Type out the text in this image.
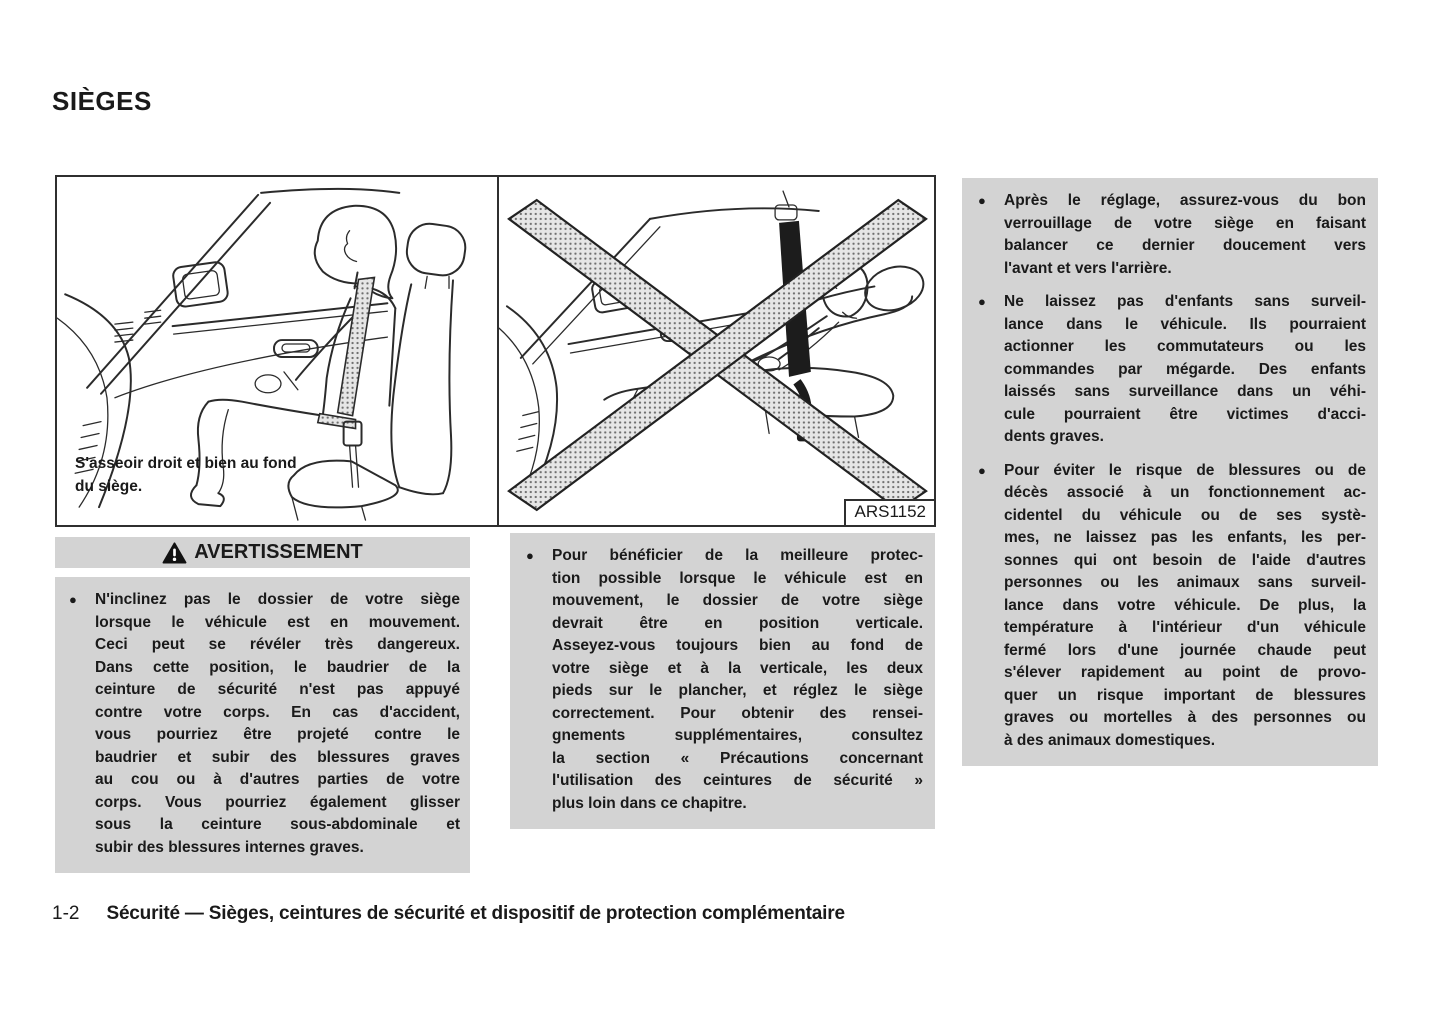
SIÈGES
S'asseoir droit et bien au fond
du siège.
ARS1152
AVERTISSEMENT
●	N'inclinez pas le dossier de votre siège
lorsque le véhicule est en mouvement.
Ceci peut se révéler très dangereux.
Dans cette position, le baudrier de la
ceinture de sécurité n'est pas appuyé
contre votre corps. En cas d'accident,
vous pourriez être projeté contre le
baudrier et subir des blessures graves
au cou ou à d'autres parties de votre
corps. Vous pourriez également glisser
sous la ceinture sous-abdominale et
subir des blessures internes graves.
●	Pour bénéficier de la meilleure protec-
tion possible lorsque le véhicule est en
mouvement, le dossier de votre siège
devrait être en position verticale.
Asseyez-vous toujours bien au fond de
votre siège et à la verticale, les deux
pieds sur le plancher, et réglez le siège
correctement. Pour obtenir des rensei-
gnements supplémentaires, consultez
la section « Précautions concernant
l'utilisation des ceintures de sécurité »
plus loin dans ce chapitre.
●	Après le réglage, assurez-vous du bon
verrouillage de votre siège en faisant
balancer ce dernier doucement vers
l'avant et vers l'arrière.
●	Ne laissez pas d'enfants sans surveil-
lance dans le véhicule. Ils pourraient
actionner les commutateurs ou les
commandes par mégarde. Des enfants
laissés sans surveillance dans un véhi-
cule pourraient être victimes d'acci-
dents graves.
●	Pour éviter le risque de blessures ou de
décès associé à un fonctionnement ac-
cidentel du véhicule ou de ses systè-
mes, ne laissez pas les enfants, les per-
sonnes qui ont besoin de l'aide d'autres
personnes ou les animaux sans surveil-
lance dans votre véhicule. De plus, la
température à l'intérieur d'un véhicule
fermé lors d'une journée chaude peut
s'élever rapidement au point de provo-
quer un risque important de blessures
graves ou mortelles à des personnes ou
à des animaux domestiques.
1-2 Sécurité — Sièges, ceintures de sécurité et dispositif de protection complémentaire
